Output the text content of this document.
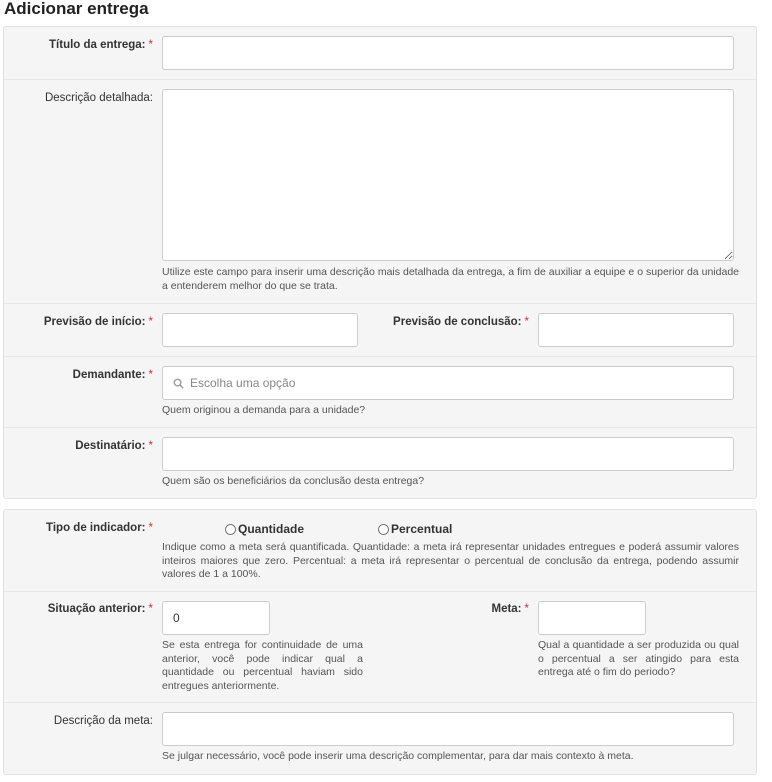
Adicionar entrega
Título da entrega: *
Descrição detalhada:

Utilize este campo para inserir uma descrição mais detalhada da entrega, a fim de auxiliar a equipe e o superior da unidade a entenderem melhor do que se trata.

Previsão de início: *	Previsão de conclusão: *
Demandante: *
Escolha uma opção

Quem originou a demanda para a unidade?

Destinatário: *

Quem são os beneficiários da conclusão desta entrega?

Tipo de indicador: *	Quantidade	Percentual

Indique como a meta será quantificada. Quantidade: a meta irá representar unidades entregues e poderá assumir valores inteiros maiores que zero. Percentual: a meta irá representar o percentual de conclusão da entrega, podendo assumir valores de 1 a 100%.

Situação anterior: *
0

Se esta entrega for continuidade de uma anterior, você pode indicar qual a quantidade ou percentual haviam sido entregues anteriormente.

Meta: *

Qual a quantidade a ser produzida ou qual o percentual a ser atingido para esta entrega até o fim do periodo?

Descrição da meta:

Se julgar necessário, você pode inserir uma descrição complementar, para dar mais contexto à meta.
